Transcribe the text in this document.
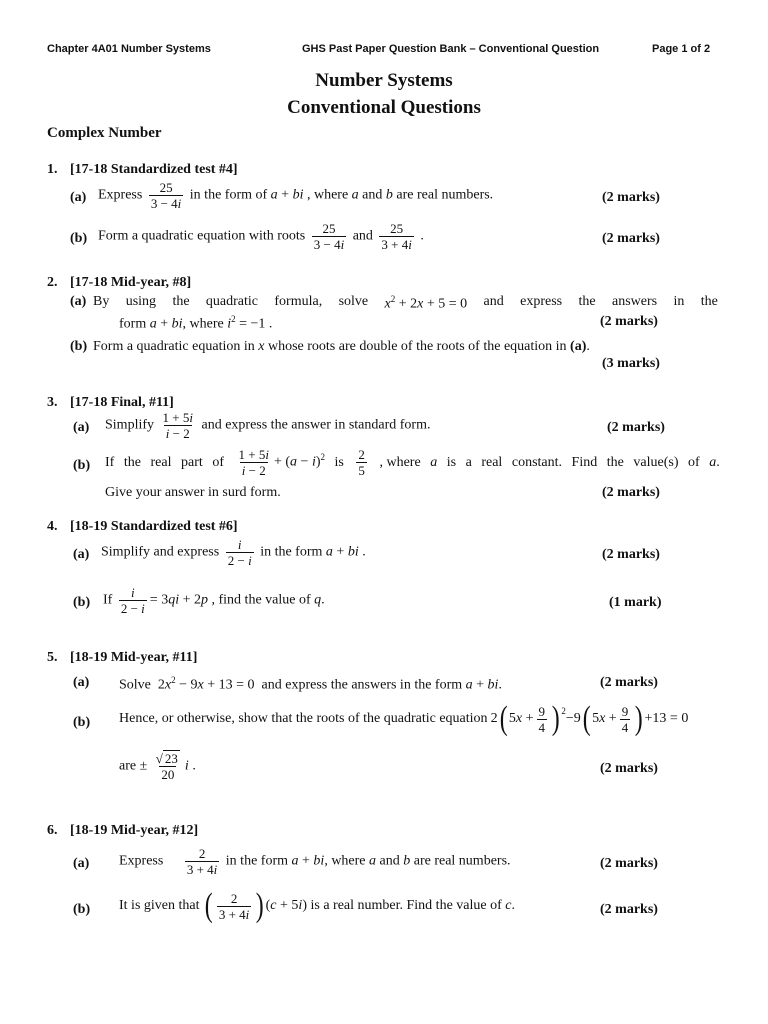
Chapter 4A01 Number Systems	GHS Past Paper Question Bank – Conventional Question	Page 1 of 2
Number Systems
Conventional Questions
Complex Number
1. [17-18 Standardized test #4]
(a) Express $\frac{25}{3 - 4i}$ in the form of a + bi , where a and b are real numbers.	(2 marks)
(b) Form a quadratic equation with roots $\frac{25}{3 - 4i}$ and $\frac{25}{3 + 4i}$ .	(2 marks)
2. [17-18 Mid-year, #8]
(a) By using the quadratic formula, solve $x^2 + 2x + 5 = 0$ and express the answers in the
form a + bi, where $i^2 = -1$ .	(2 marks)
(b) Form a quadratic equation in x whose roots are double of the roots of the equation in (a).
(3 marks)
3. [17-18 Final, #11]
(a) Simplify $\frac{1 + 5i}{i - 2}$ and express the answer in standard form.	(2 marks)
(b) If the real part of $\frac{1 + 5i}{i - 2} + (a - i)^2$ is $\frac{2}{5}$ , where a is a real constant. Find the value(s) of a.
Give your answer in surd form.	(2 marks)
4. [18-19 Standardized test #6]
(a) Simplify and express $\frac{i}{2 - i}$ in the form a + bi .	(2 marks)
(b) If $\frac{i}{2 - i} = 3qi + 2p$ , find the value of q.	(1 mark)
5. [18-19 Mid-year, #11]
(a) Solve  $2x^2 - 9x + 13 = 0$  and express the answers in the form a + bi.	(2 marks)
(b) Hence, or otherwise, show that the roots of the quadratic equation 2 ( $5x + \frac{9}{4} )^2 -9$ ( $5x + \frac{9}{4}$ ) +13 = 0
are ± $\frac{√ 23}{20}$ i .	(2 marks)
6. [18-19 Mid-year, #12]
(a) Express $\frac{2}{3 + 4i}$ in the form a + bi, where a and b are real numbers.	(2 marks)
(b) It is given that ( $\frac{2}{3 + 4i}$ ) (c + 5i) is a real number. Find the value of c.	(2 marks)
